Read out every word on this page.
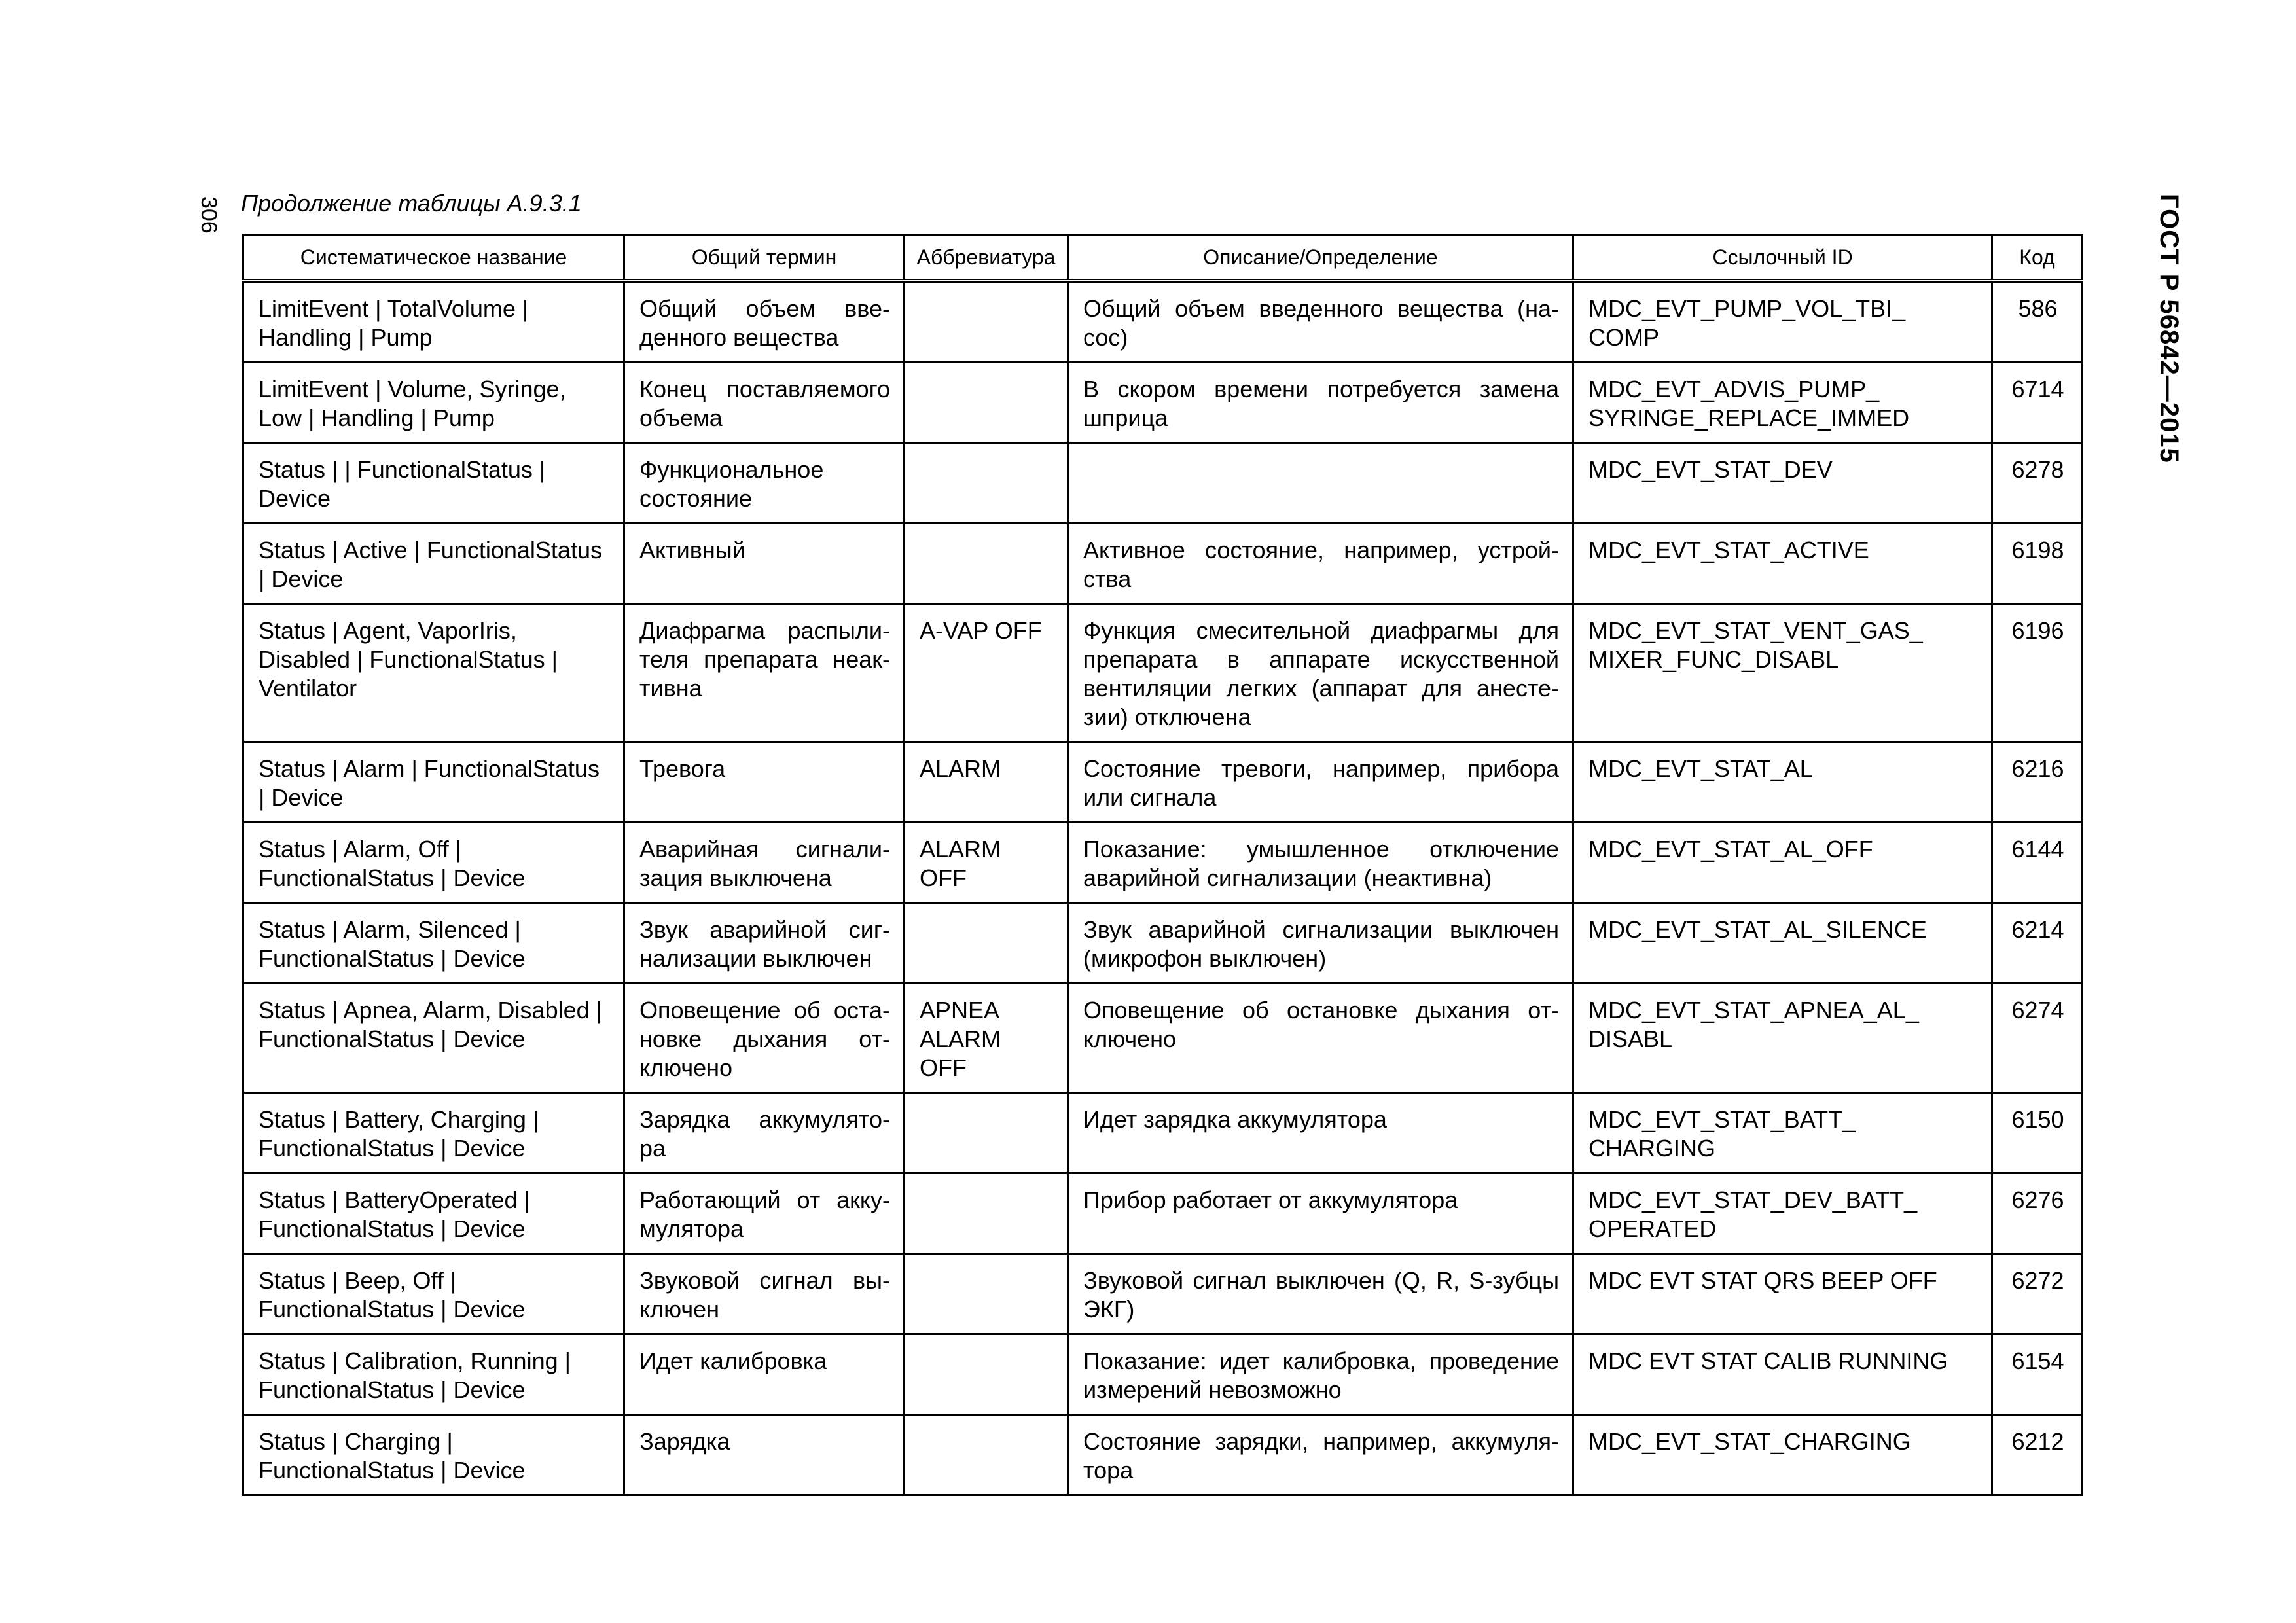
306	ГОСТ Р 56842—2015
Продолжение таблицы А.9.3.1
Систематическое название	Общий термин	Аббревиатура	Описание/Определение	Ссылочный ID	Код
LimitEvent | TotalVolume | Handling | Pump	Общий объем вве-денного вещества		Общий объем введенного вещества (на-сос)	MDC_EVT_PUMP_VOL_TBI_ COMP	586
LimitEvent | Volume, Syringe, Low | Handling | Pump	Конец поставляемого объема		В скором времени потребуется замена шприца	MDC_EVT_ADVIS_PUMP_ SYRINGE_REPLACE_IMMED	6714
Status | | FunctionalStatus | Device	Функциональное состояние			MDC_EVT_STAT_DEV	6278
Status | Active | FunctionalStatus | Device	Активный		Активное состояние, например, устрой-ства	MDC_EVT_STAT_ACTIVE	6198
Status | Agent, VaporIris, Disabled | FunctionalStatus | Ventilator	Диафрагма распыли-теля препарата неак-тивна	A-VAP OFF	Функция смесительной диафрагмы для препарата в аппарате искусственной вентиляции легких (аппарат для анесте-зии) отключена	MDC_EVT_STAT_VENT_GAS_ MIXER_FUNC_DISABL	6196
Status | Alarm | FunctionalStatus | Device	Тревога	ALARM	Состояние тревоги, например, прибора или сигнала	MDC_EVT_STAT_AL	6216
Status | Alarm, Off | FunctionalStatus | Device	Аварийная сигнали-зация выключена	ALARM OFF	Показание: умышленное отключение аварийной сигнализации (неактивна)	MDC_EVT_STAT_AL_OFF	6144
Status | Alarm, Silenced | FunctionalStatus | Device	Звук аварийной сиг-нализации выключен		Звук аварийной сигнализации выключен (микрофон выключен)	MDC_EVT_STAT_AL_SILENCE	6214
Status | Apnea, Alarm, Disabled | FunctionalStatus | Device	Оповещение об оста-новке дыхания от-ключено	APNEA ALARM OFF	Оповещение об остановке дыхания от-ключено	MDC_EVT_STAT_APNEA_AL_ DISABL	6274
Status | Battery, Charging | FunctionalStatus | Device	Зарядка аккумулято-ра		Идет зарядка аккумулятора	MDC_EVT_STAT_BATT_ CHARGING	6150
Status | BatteryOperated | FunctionalStatus | Device	Работающий от акку-мулятора		Прибор работает от аккумулятора	MDC_EVT_STAT_DEV_BATT_ OPERATED	6276
Status | Beep, Off | FunctionalStatus | Device	Звуковой сигнал вы-ключен		Звуковой сигнал выключен (Q, R, S-зубцы ЭКГ)	MDC EVT STAT QRS BEEP OFF	6272
Status | Calibration, Running | FunctionalStatus | Device	Идет калибровка		Показание: идет калибровка, проведение измерений невозможно	MDC EVT STAT CALIB RUNNING	6154
Status | Charging | FunctionalStatus | Device	Зарядка		Состояние зарядки, например, аккумуля-тора	MDC_EVT_STAT_CHARGING	6212
